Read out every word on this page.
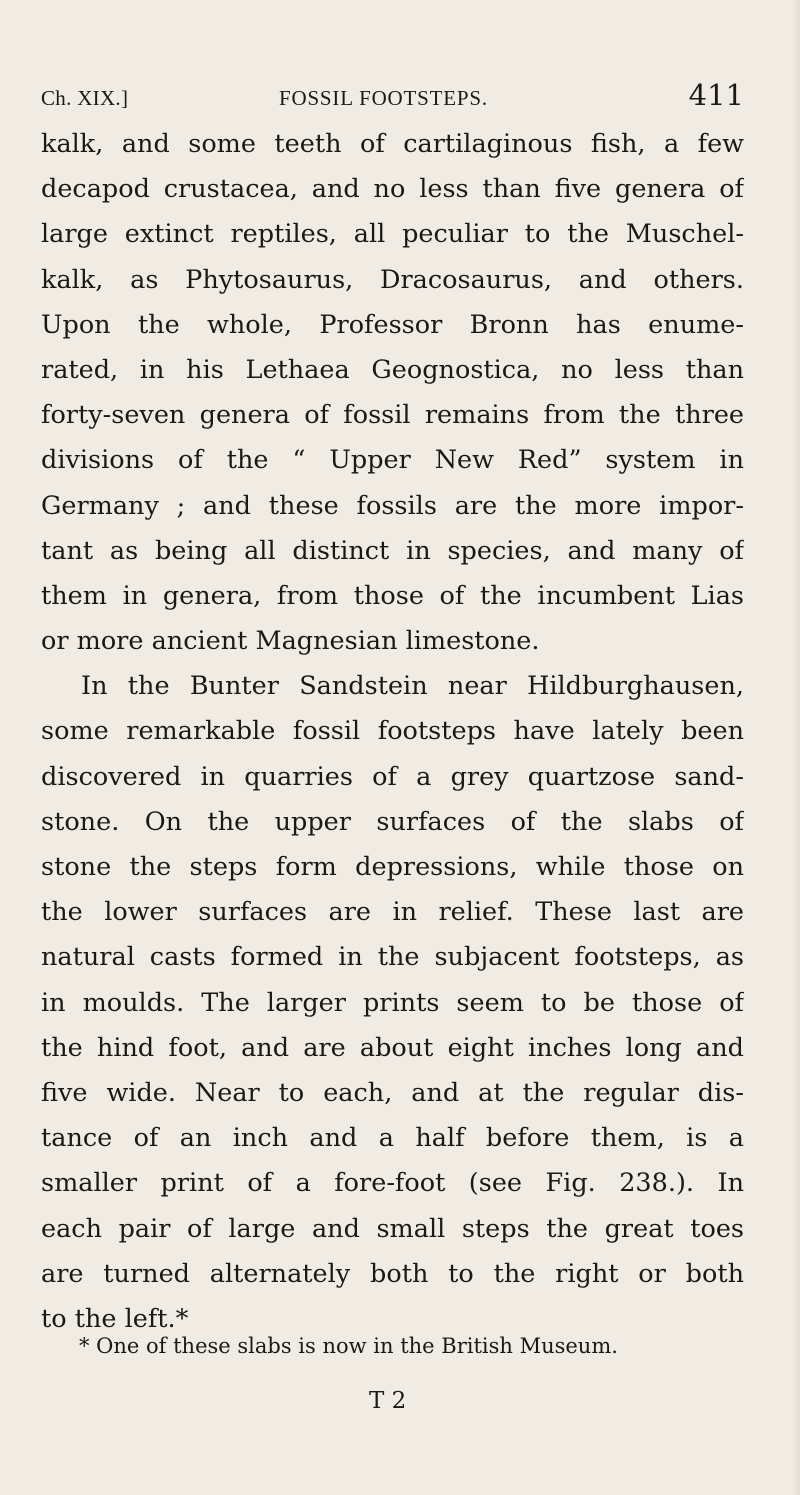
Ch. XIX.]	FOSSIL FOOTSTEPS.	411
kalk, and some teeth of cartilaginous fish, a few
decapod crustacea, and no less than five genera of
large extinct reptiles, all peculiar to the Muschel-
kalk, as Phytosaurus, Dracosaurus, and others.
Upon the whole, Professor Bronn has enume-
rated, in his Lethaea Geognostica, no less than
forty-seven genera of fossil remains from the three
divisions of the “ Upper New Red” system in
Germany ; and these fossils are the more impor-
tant as being all distinct in species, and many of
them in genera, from those of the incumbent Lias
or more ancient Magnesian limestone.
In the Bunter Sandstein near Hildburghausen,
some remarkable fossil footsteps have lately been
discovered in quarries of a grey quartzose sand-
stone. On the upper surfaces of the slabs of
stone the steps form depressions, while those on
the lower surfaces are in relief. These last are
natural casts formed in the subjacent footsteps, as
in moulds. The larger prints seem to be those of
the hind foot, and are about eight inches long and
five wide. Near to each, and at the regular dis-
tance of an inch and a half before them, is a
smaller print of a fore-foot (see Fig. 238.). In
each pair of large and small steps the great toes
are turned alternately both to the right or both
to the left.*
* One of these slabs is now in the British Museum.
T 2
